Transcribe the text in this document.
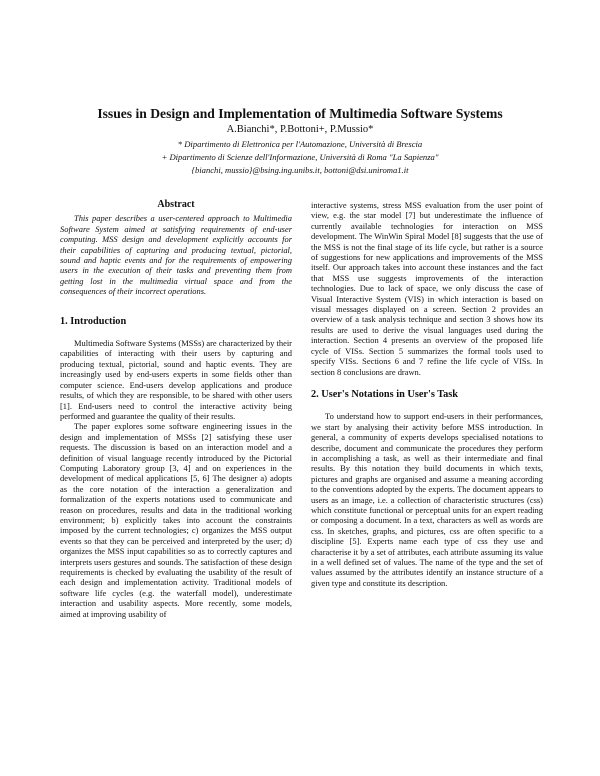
Issues in Design and Implementation of Multimedia Software Systems
A.Bianchi*, P.Bottoni+, P.Mussio*
* Dipartimento di Elettronica per l'Automazione, Università di Brescia
+ Dipartimento di Scienze dell'Informazione, Università di Roma "La Sapienza"
{bianchi, mussio}@bsing.ing.unibs.it, bottoni@dsi.uniroma1.it
Abstract

This paper describes a user-centered approach to Multimedia Software System aimed at satisfying requirements of end-user computing. MSS design and development explicitly accounts for their capabilities of capturing and producing textual, pictorial, sound and haptic events and for the requirements of empowering users in the execution of their tasks and preventing them from getting lost in the multimedia virtual space and from the consequences of their incorrect operations.

1. Introduction

Multimedia Software Systems (MSSs) are characterized by their capabilities of interacting with their users by capturing and producing textual, pictorial, sound and haptic events. They are increasingly used by end-users experts in some fields other than computer science. End-users develop applications and produce results, of which they are responsible, to be shared with other users [1]. End-users need to control the interactive activity being performed and guarantee the quality of their results.

The paper explores some software engineering issues in the design and implementation of MSSs [2] satisfying these user requests. The discussion is based on an interaction model and a definition of visual language recently introduced by the Pictorial Computing Laboratory group [3, 4] and on experiences in the development of medical applications [5, 6] The designer a) adopts as the core notation of the interaction a generalization and formalization of the experts notations used to communicate and reason on procedures, results and data in the traditional working environment; b) explicitly takes into account the constraints imposed by the current technologies; c) organizes the MSS output events so that they can be perceived and interpreted by the user; d) organizes the MSS input capabilities so as to correctly captures and interprets users gestures and sounds. The satisfaction of these design requirements is checked by evaluating the usability of the result of each design and implementation activity. Traditional models of software life cycles (e.g. the waterfall model), underestimate interaction and usability aspects. More recently, some models, aimed at improving usability of

interactive systems, stress MSS evaluation from the user point of view, e.g. the star model [7] but underestimate the influence of currently available technologies for interaction on MSS development. The WinWin Spiral Model [8] suggests that the use of the MSS is not the final stage of its life cycle, but rather is a source of suggestions for new applications and improvements of the MSS itself. Our approach takes into account these instances and the fact that MSS use suggests improvements of the interaction technologies. Due to lack of space, we only discuss the case of Visual Interactive System (VIS) in which interaction is based on visual messages displayed on a screen. Section 2 provides an overview of a task analysis technique and section 3 shows how its results are used to derive the visual languages used during the interaction. Section 4 presents an overview of the proposed life cycle of VISs. Section 5 summarizes the formal tools used to specify VISs. Sections 6 and 7 refine the life cycle of VISs. In section 8 conclusions are drawn.

2. User's Notations in User's Task

To understand how to support end-users in their performances, we start by analysing their activity before MSS introduction. In general, a community of experts develops specialised notations to describe, document and communicate the procedures they perform in accomplishing a task, as well as their intermediate and final results. By this notation they build documents in which texts, pictures and graphs are organised and assume a meaning according to the conventions adopted by the experts. The document appears to users as an image, i.e. a collection of characteristic structures (css) which constitute functional or perceptual units for an expert reading or composing a document. In a text, characters as well as words are css. In sketches, graphs, and pictures, css are often specific to a discipline [5]. Experts name each type of css they use and characterise it by a set of attributes, each attribute assuming its value in a well defined set of values. The name of the type and the set of values assumed by the attributes identify an instance structure of a given type and constitute its description.
